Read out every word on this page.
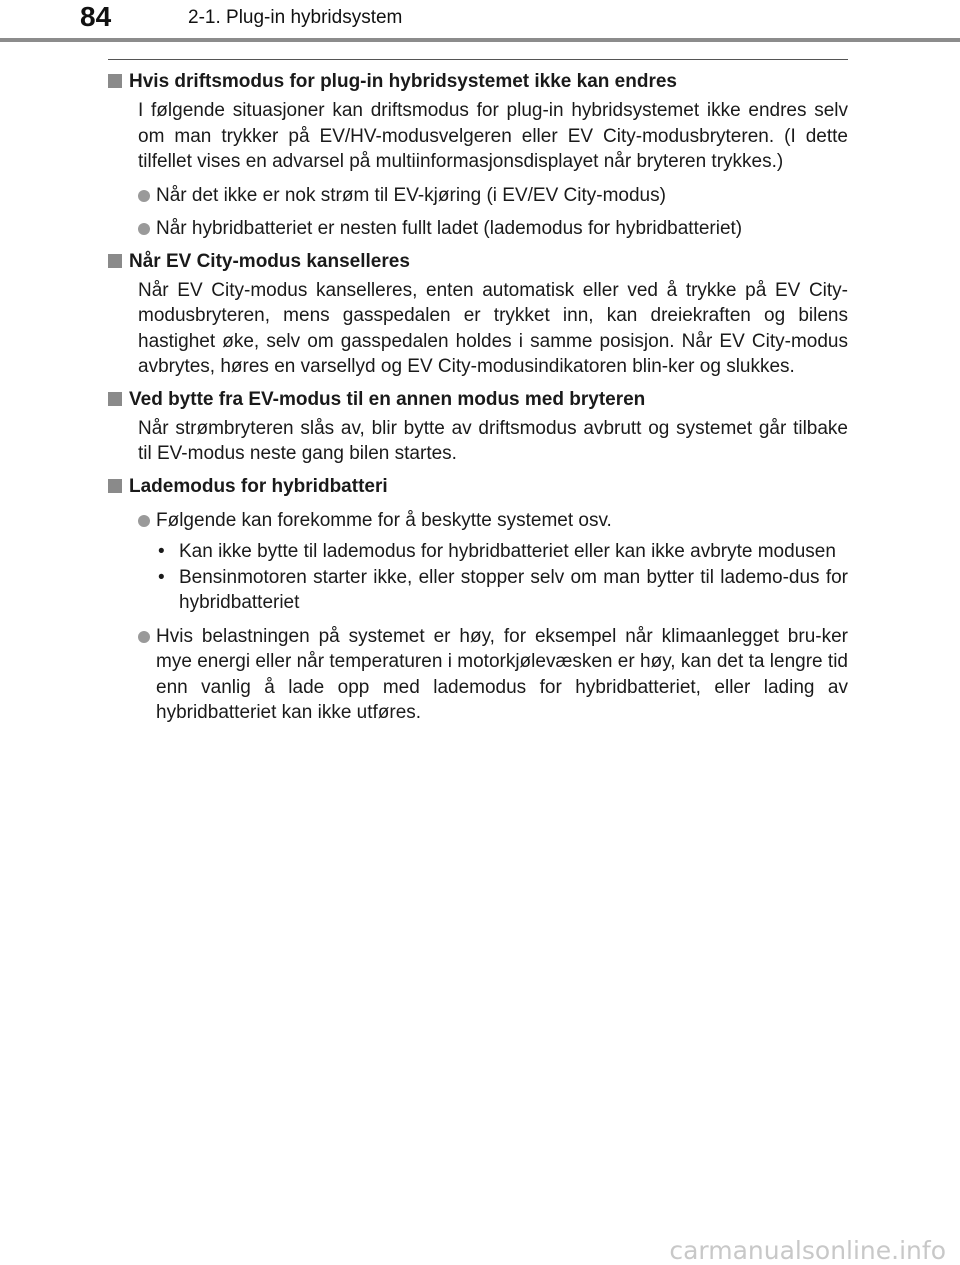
84	2-1. Plug-in hybridsystem
Hvis driftsmodus for plug-in hybridsystemet ikke kan endres
I følgende situasjoner kan driftsmodus for plug-in hybridsystemet ikke endres selv om man trykker på EV/HV-modusvelgeren eller EV City-modusbryteren. (I dette tilfellet vises en advarsel på multiinformasjonsdisplayet når bryteren trykkes.)
Når det ikke er nok strøm til EV-kjøring (i EV/EV City-modus)
Når hybridbatteriet er nesten fullt ladet (lademodus for hybridbatteriet)
Når EV City-modus kanselleres
Når EV City-modus kanselleres, enten automatisk eller ved å trykke på EV City-modusbryteren, mens gasspedalen er trykket inn, kan dreiekraften og bilens hastighet øke, selv om gasspedalen holdes i samme posisjon. Når EV City-modus avbrytes, høres en varsellyd og EV City-modusindikatoren blin-ker og slukkes.
Ved bytte fra EV-modus til en annen modus med bryteren
Når strømbryteren slås av, blir bytte av driftsmodus avbrutt og systemet går tilbake til EV-modus neste gang bilen startes.
Lademodus for hybridbatteri
Følgende kan forekomme for å beskytte systemet osv.
• Kan ikke bytte til lademodus for hybridbatteriet eller kan ikke avbryte modusen
• Bensinmotoren starter ikke, eller stopper selv om man bytter til lademo-dus for hybridbatteriet
Hvis belastningen på systemet er høy, for eksempel når klimaanlegget bru-ker mye energi eller når temperaturen i motorkjølevæsken er høy, kan det ta lengre tid enn vanlig å lade opp med lademodus for hybridbatteriet, eller lading av hybridbatteriet kan ikke utføres.
carmanualsonline.info
